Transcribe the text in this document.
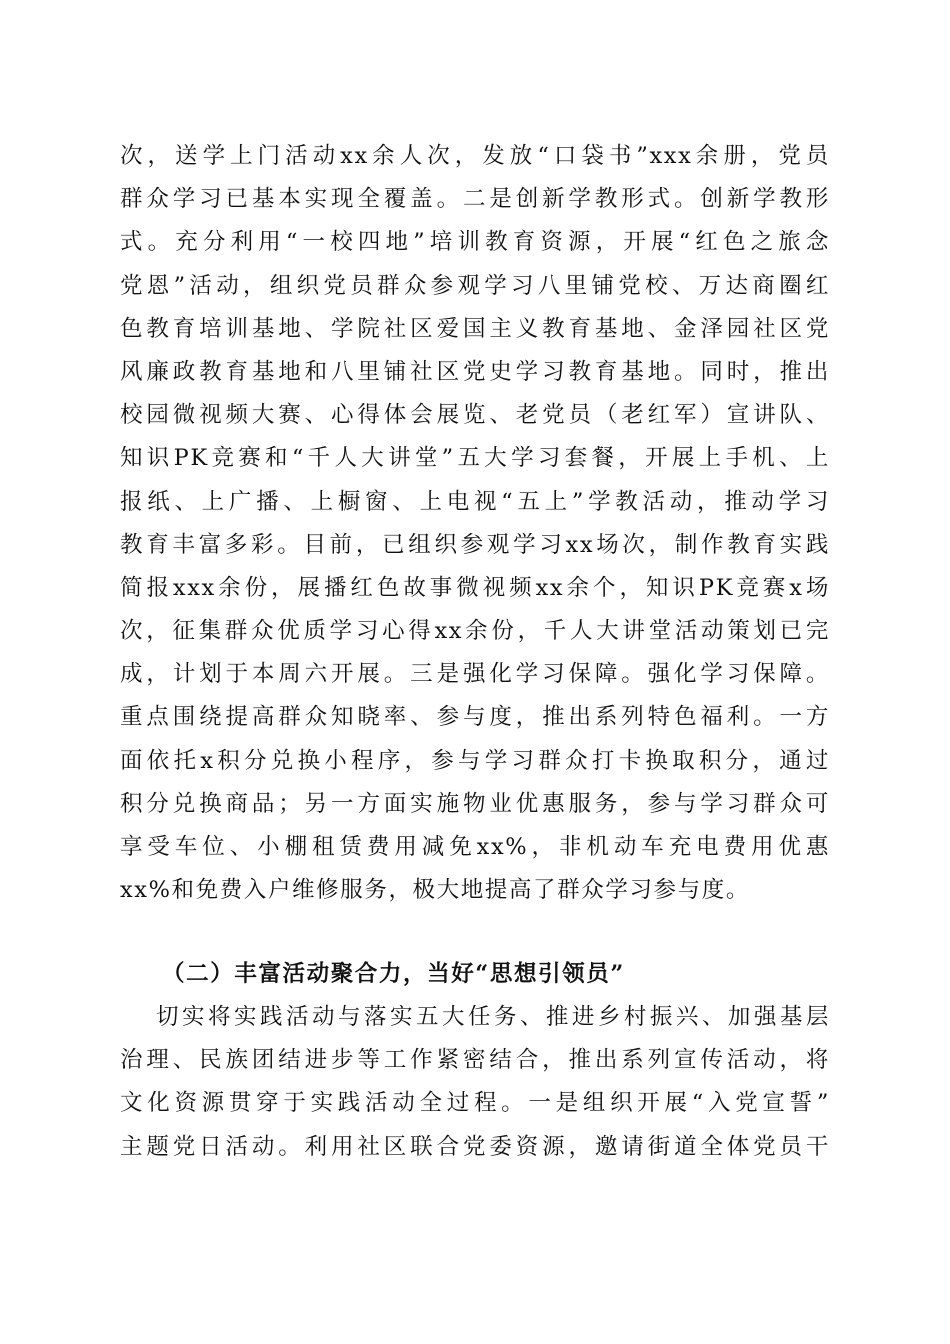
次，送学上门活动xx余人次，发放“口袋书”xxx余册，党员
群众学习已基本实现全覆盖。二是创新学教形式。创新学教形
式。充分利用“一校四地”培训教育资源，开展“红色之旅念
党恩”活动，组织党员群众参观学习八里铺党校、万达商圈红
色教育培训基地、学院社区爱国主义教育基地、金泽园社区党
风廉政教育基地和八里铺社区党史学习教育基地。同时，推出
校园微视频大赛、心得体会展览、老党员（老红军）宣讲队、
知识PK竞赛和“千人大讲堂”五大学习套餐，开展上手机、上
报纸、上广播、上橱窗、上电视“五上”学教活动，推动学习
教育丰富多彩。目前，已组织参观学习xx场次，制作教育实践
简报xxx余份，展播红色故事微视频xx余个，知识PK竞赛x场
次，征集群众优质学习心得xx余份，千人大讲堂活动策划已完
成，计划于本周六开展。三是强化学习保障。强化学习保障。
重点围绕提高群众知晓率、参与度，推出系列特色福利。一方
面依托x积分兑换小程序，参与学习群众打卡换取积分，通过
积分兑换商品；另一方面实施物业优惠服务，参与学习群众可
享受车位、小棚租赁费用减免xx%，非机动车充电费用优惠
xx%和免费入户维修服务，极大地提高了群众学习参与度。
（二）丰富活动聚合力，当好“思想引领员”
切实将实践活动与落实五大任务、推进乡村振兴、加强基层
治理、民族团结进步等工作紧密结合，推出系列宣传活动，将
文化资源贯穿于实践活动全过程。一是组织开展“入党宣誓”
主题党日活动。利用社区联合党委资源，邀请街道全体党员干
